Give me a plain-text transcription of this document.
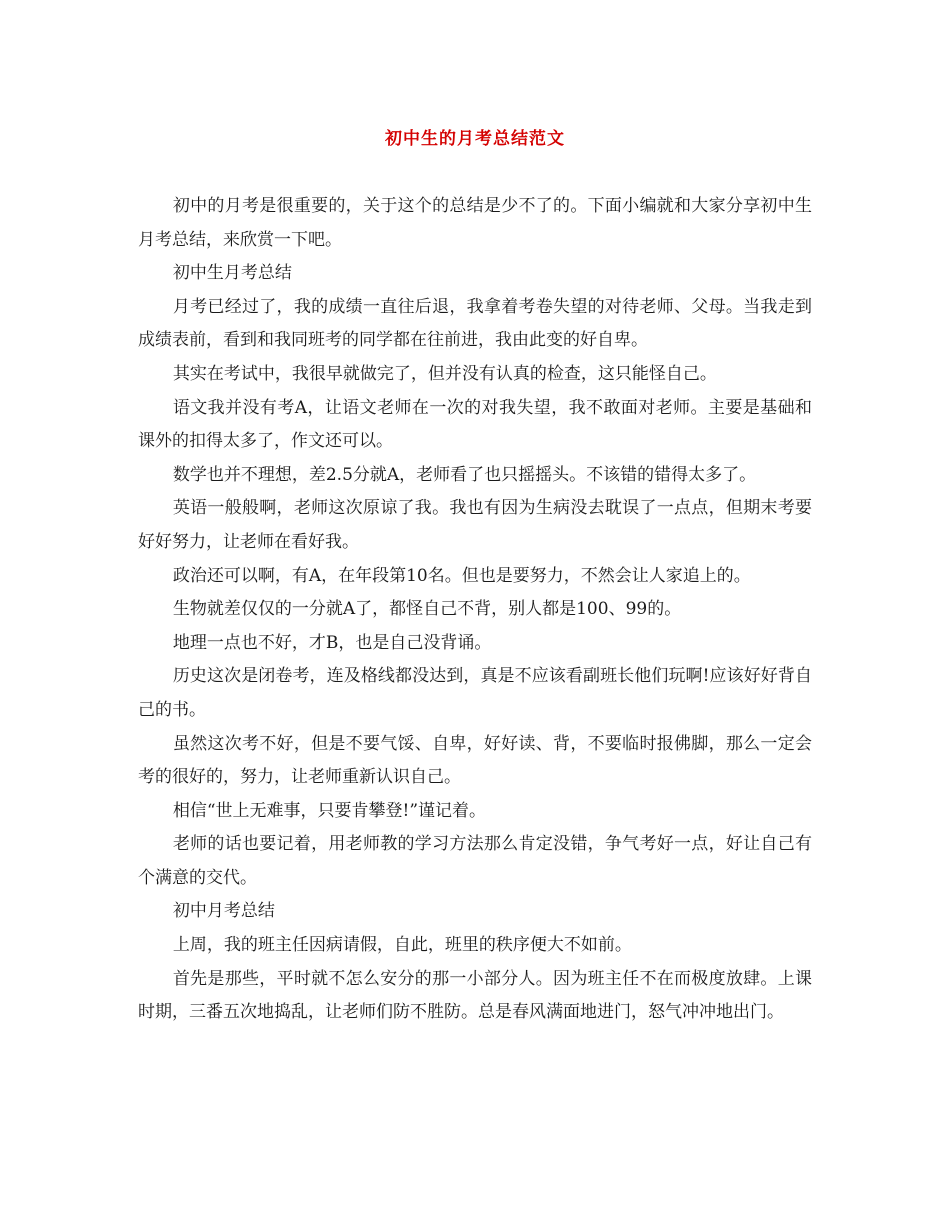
初中生的月考总结范文

初中的月考是很重要的，关于这个的总结是少不了的。下面小编就和大家分享初中生月考总结，来欣赏一下吧。

初中生月考总结

月考已经过了，我的成绩一直往后退，我拿着考卷失望的对待老师、父母。当我走到成绩表前，看到和我同班考的同学都在往前进，我由此变的好自卑。

其实在考试中，我很早就做完了，但并没有认真的检查，这只能怪自己。

语文我并没有考A，让语文老师在一次的对我失望，我不敢面对老师。主要是基础和课外的扣得太多了，作文还可以。

数学也并不理想，差2.5分就A，老师看了也只摇摇头。不该错的错得太多了。

英语一般般啊，老师这次原谅了我。我也有因为生病没去耽误了一点点，但期末考要好好努力，让老师在看好我。

政治还可以啊，有A，在年段第10名。但也是要努力，不然会让人家追上的。

生物就差仅仅的一分就A了，都怪自己不背，别人都是100、99的。

地理一点也不好，才B，也是自己没背诵。

历史这次是闭卷考，连及格线都没达到，真是不应该看副班长他们玩啊!应该好好背自己的书。

虽然这次考不好，但是不要气馁、自卑，好好读、背，不要临时报佛脚，那么一定会考的很好的，努力，让老师重新认识自己。

相信“世上无难事，只要肯攀登!”谨记着。

老师的话也要记着，用老师教的学习方法那么肯定没错，争气考好一点，好让自己有个满意的交代。

初中月考总结

上周，我的班主任因病请假，自此，班里的秩序便大不如前。

首先是那些，平时就不怎么安分的那一小部分人。因为班主任不在而极度放肆。上课时期，三番五次地捣乱，让老师们防不胜防。总是春风满面地进门，怒气冲冲地出门。
